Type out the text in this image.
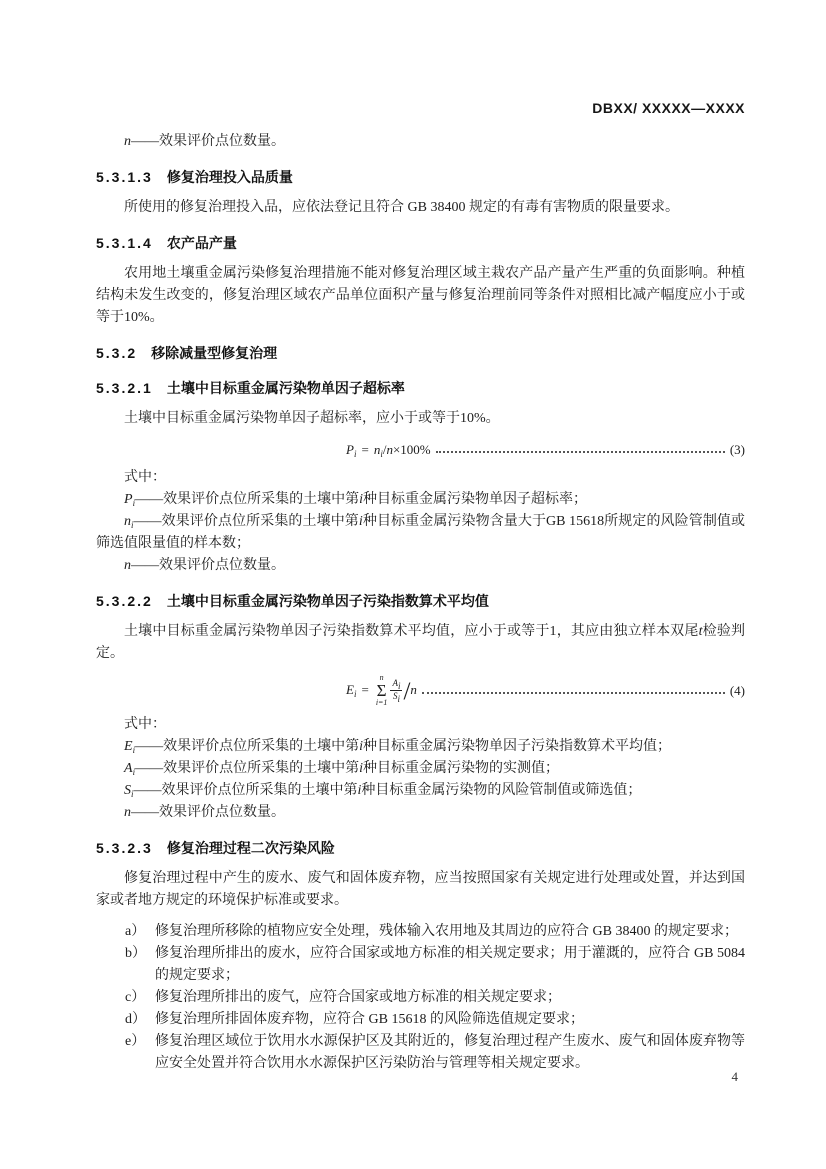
DBXX/ XXXXX—XXXX

n——效果评价点位数量。

5.3.1.3 修复治理投入品质量

所使用的修复治理投入品，应依法登记且符合 GB 38400 规定的有毒有害物质的限量要求。

5.3.1.4 农产品产量

农用地土壤重金属污染修复治理措施不能对修复治理区域主栽农产品产量产生严重的负面影响。种植结构未发生改变的，修复治理区域农产品单位面积产量与修复治理前同等条件对照相比减产幅度应小于或等于10%。

5.3.2 移除减量型修复治理
5.3.2.1 土壤中目标重金属污染物单因子超标率

土壤中目标重金属污染物单因子超标率，应小于或等于10%。

$P_i = n_i/n\times 100\%$	(3)

式中：

$P_i——$效果评价点位所采集的土壤中第i种目标重金属污染物单因子超标率；

$n_i——$效果评价点位所采集的土壤中第i种目标重金属污染物含量大于GB 15618所规定的风险管制值或筛选值限量值的样本数；

n——效果评价点位数量。

5.3.2.2 土壤中目标重金属污染物单因子污染指数算术平均值

土壤中目标重金属污染物单因子污染指数算术平均值，应小于或等于1，其应由独立样本双尾t检验判定。

$E_i$ =
n
Σ
i=1
$\frac{A_i}{S_i} /n$	(4)

式中：

$E_i——$效果评价点位所采集的土壤中第i种目标重金属污染物单因子污染指数算术平均值；

$A_i——$效果评价点位所采集的土壤中第i种目标重金属污染物的实测值；

$S_i——$效果评价点位所采集的土壤中第i种目标重金属污染物的风险管制值或筛选值；

n——效果评价点位数量。

5.3.2.3 修复治理过程二次污染风险

修复治理过程中产生的废水、废气和固体废弃物，应当按照国家有关规定进行处理或处置，并达到国家或者地方规定的环境保护标准或要求。

a） 修复治理所移除的植物应安全处理，残体输入农用地及其周边的应符合 GB 38400 的规定要求；

b） 修复治理所排出的废水，应符合国家或地方标准的相关规定要求；用于灌溉的，应符合 GB 5084 的规定要求；

c） 修复治理所排出的废气，应符合国家或地方标准的相关规定要求；

d） 修复治理所排固体废弃物，应符合 GB 15618 的风险筛选值规定要求；

e） 修复治理区域位于饮用水水源保护区及其附近的，修复治理过程产生废水、废气和固体废弃物等应安全处置并符合饮用水水源保护区污染防治与管理等相关规定要求。

4
